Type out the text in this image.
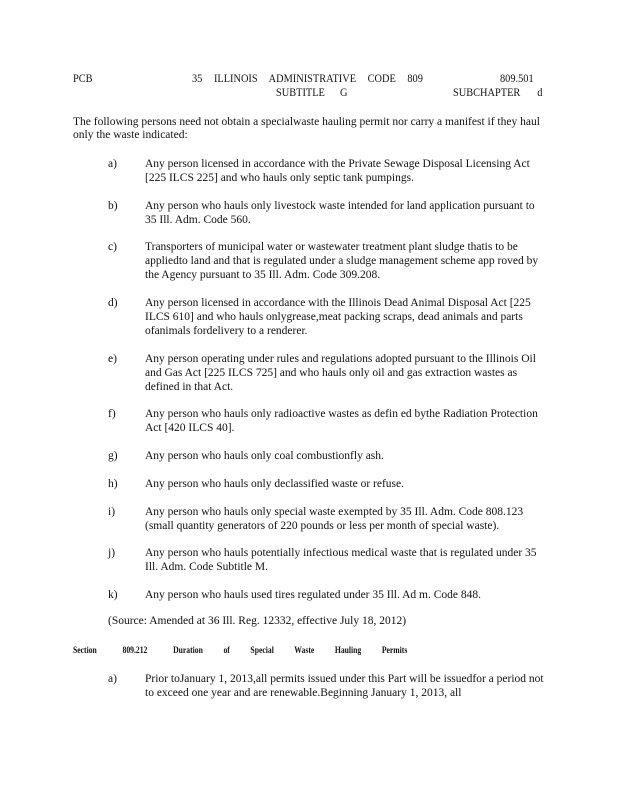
PCB	35 ILLINOIS ADMINISTRATIVE CODE 809	809.501
SUBTITLE G	SUBCHAPTER d
The following persons need not obtain a specialwaste hauling permit nor carry a manifest if they haul only the waste indicated:
a)	Any person licensed in accordance with the Private Sewage Disposal Licensing Act [225 ILCS 225] and who hauls only septic tank pumpings.
b)	Any person who hauls only livestock waste intended for land application pursuant to 35 Ill. Adm. Code 560.
c)	Transporters of municipal water or wastewater treatment plant sludge thatis to be appliedto land and that is regulated under a sludge management scheme app roved by the Agency pursuant to 35 Ill. Adm. Code 309.208.
d)	Any person licensed in accordance with the Illinois Dead Animal Disposal Act [225 ILCS 610] and who hauls onlygrease,meat packing scraps, dead animals and parts ofanimals fordelivery to a renderer.
e)	Any person operating under rules and regulations adopted pursuant to the Illinois Oil and Gas Act [225 ILCS 725] and who hauls only oil and gas extraction wastes as defined in that Act.
f)	Any person who hauls only radioactive wastes as defin ed bythe Radiation Protection Act [420 ILCS 40].
g)	Any person who hauls only coal combustionfly ash.
h)	Any person who hauls only declassified waste or refuse.
i)	Any person who hauls only special waste exempted by 35 Ill. Adm. Code 808.123 (small quantity generators of 220 pounds or less per month of special waste).
j)	Any person who hauls potentially infectious medical waste that is regulated under 35 Ill. Adm. Code Subtitle M.
k)	Any person who hauls used tires regulated under 35 Ill. Ad m. Code 848.
(Source: Amended at 36 Ill. Reg. 12332, effective July 18, 2012)
Section	809.212	Duration of Special Waste Hauling Permits
a)	Prior toJanuary 1, 2013,all permits issued under this Part will be issuedfor a period not to exceed one year and are renewable.Beginning January 1, 2013, all
